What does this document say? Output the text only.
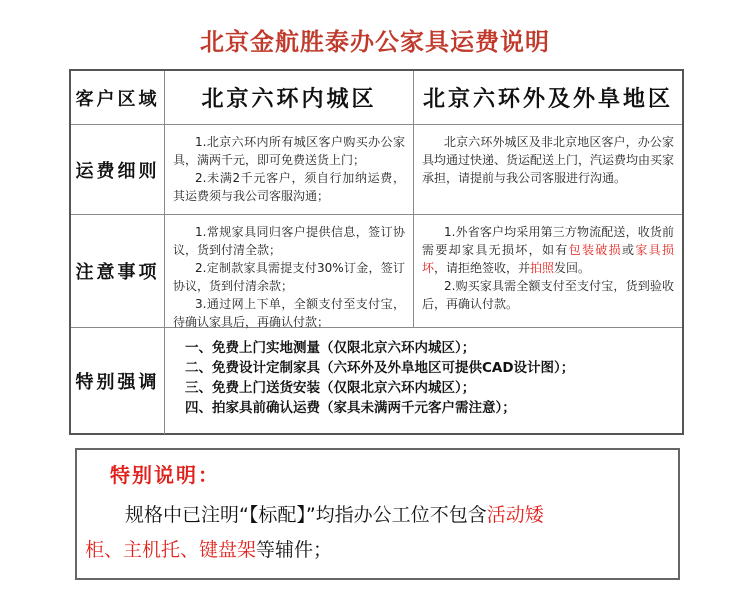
北京金航胜泰办公家具运费说明
客户区域	北京六环内城区	北京六环外及外阜地区
运费细则

1.北京六环内所有城区客户购买办公家具，满两千元，即可免费送货上门；

2.未满2千元客户，须自行加纳运费，其运费须与我公司客服沟通；

北京六环外城区及非北京地区客户，办公家具均通过快递、货运配送上门，汽运费均由买家承担，请提前与我公司客服进行沟通。

注意事项

1.常规家具同归客户提供信息，签订协议，货到付清全款；

2.定制款家具需提支付30%订金，签订协议，货到付清余款；

3.通过网上下单，全额支付至支付宝，待确认家具后，再确认付款；

1.外省客户均采用第三方物流配送，收货前需要却家具无损坏，如有包装破损或家具损坏，请拒绝签收，并拍照发回。

2.购买家具需全额支付至支付宝，货到验收后，再确认付款。

特别强调
一、免费上门实地测量（仅限北京六环内城区）；
二、免费设计定制家具（六环外及外阜地区可提供CAD设计图）；
三、免费上门送货安装（仅限北京六环内城区）；
四、拍家具前确认运费（家具未满两千元客户需注意）；
特别说明：
规格中已注明“【标配】”均指办公工位不包含活动矮
柜、主机托、键盘架等辅件；
